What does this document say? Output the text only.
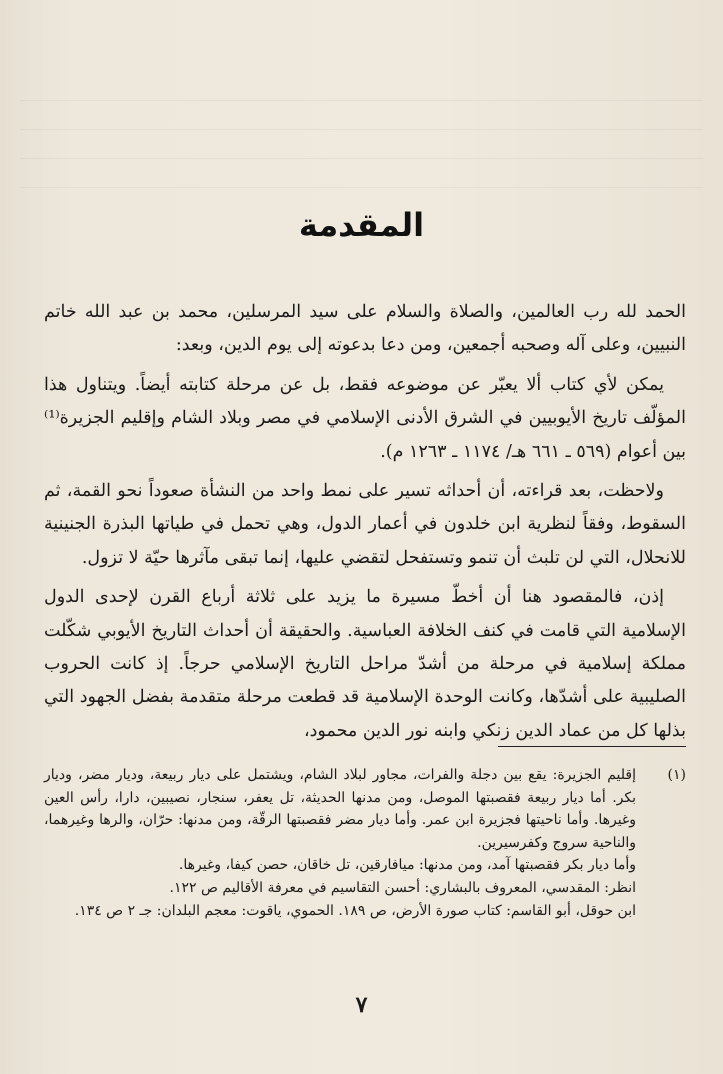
المقدمة

الحمد لله رب العالمين، والصلاة والسلام على سيد المرسلين، محمد بن عبد الله خاتم النبيين، وعلى آله وصحبه أجمعين، ومن دعا بدعوته إلى يوم الدين، وبعد:

يمكن لأي كتاب ألا يعبّر عن موضوعه فقط، بل عن مرحلة كتابته أيضاً. ويتناول هذا المؤلّف تاريخ الأيوبيين في الشرق الأدنى الإسلامي في مصر وبلاد الشام وإقليم الجزيرة⁽¹⁾ بين أعوام (٥٦٩ ـ ٦٦١ هـ/ ١١٧٤ ـ ١٢٦٣ م).

ولاحظت، بعد قراءته، أن أحداثه تسير على نمط واحد من النشأة صعوداً نحو القمة، ثم السقوط، وفقاً لنظرية ابن خلدون في أعمار الدول، وهي تحمل في طياتها البذرة الجنينية للانحلال، التي لن تلبث أن تنمو وتستفحل لتقضي عليها، إنما تبقى مآثرها حيّة لا تزول.

إذن، فالمقصود هنا أن أخطّ مسيرة ما يزيد على ثلاثة أرباع القرن لإحدى الدول الإسلامية التي قامت في كنف الخلافة العباسية. والحقيقة أن أحداث التاريخ الأيوبي شكّلت مملكة إسلامية في مرحلة من أشدّ مراحل التاريخ الإسلامي حرجاً. إذ كانت الحروب الصليبية على أشدّها، وكانت الوحدة الإسلامية قد قطعت مرحلة متقدمة بفضل الجهود التي بذلها كل من عماد الدين زنكي وابنه نور الدين محمود،

(١)
إقليم الجزيرة: يقع بين دجلة والفرات، مجاور لبلاد الشام، ويشتمل على ديار ربيعة، وديار مضر، وديار بكر. أما ديار ربيعة فقصبتها الموصل، ومن مدنها الحديثة، تل يعفر، سنجار، نصيبين، دارا، رأس العين وغيرها. وأما ناحيتها فجزيرة ابن عمر. وأما ديار مضر فقصبتها الرقّة، ومن مدنها: حرّان، والرها وغيرهما، والناحية سروج وكفرسيرين.

وأما ديار بكر فقصبتها آمد، ومن مدنها: ميافارقين، تل خاقان، حصن كيفا، وغيرها.

انظر: المقدسي، المعروف بالبشاري: أحسن التقاسيم في معرفة الأقاليم ص ١٢٢.

ابن حوقل، أبو القاسم: كتاب صورة الأرض، ص ١٨٩. الحموي، ياقوت: معجم البلدان: جـ ٢ ص ١٣٤.

٧
